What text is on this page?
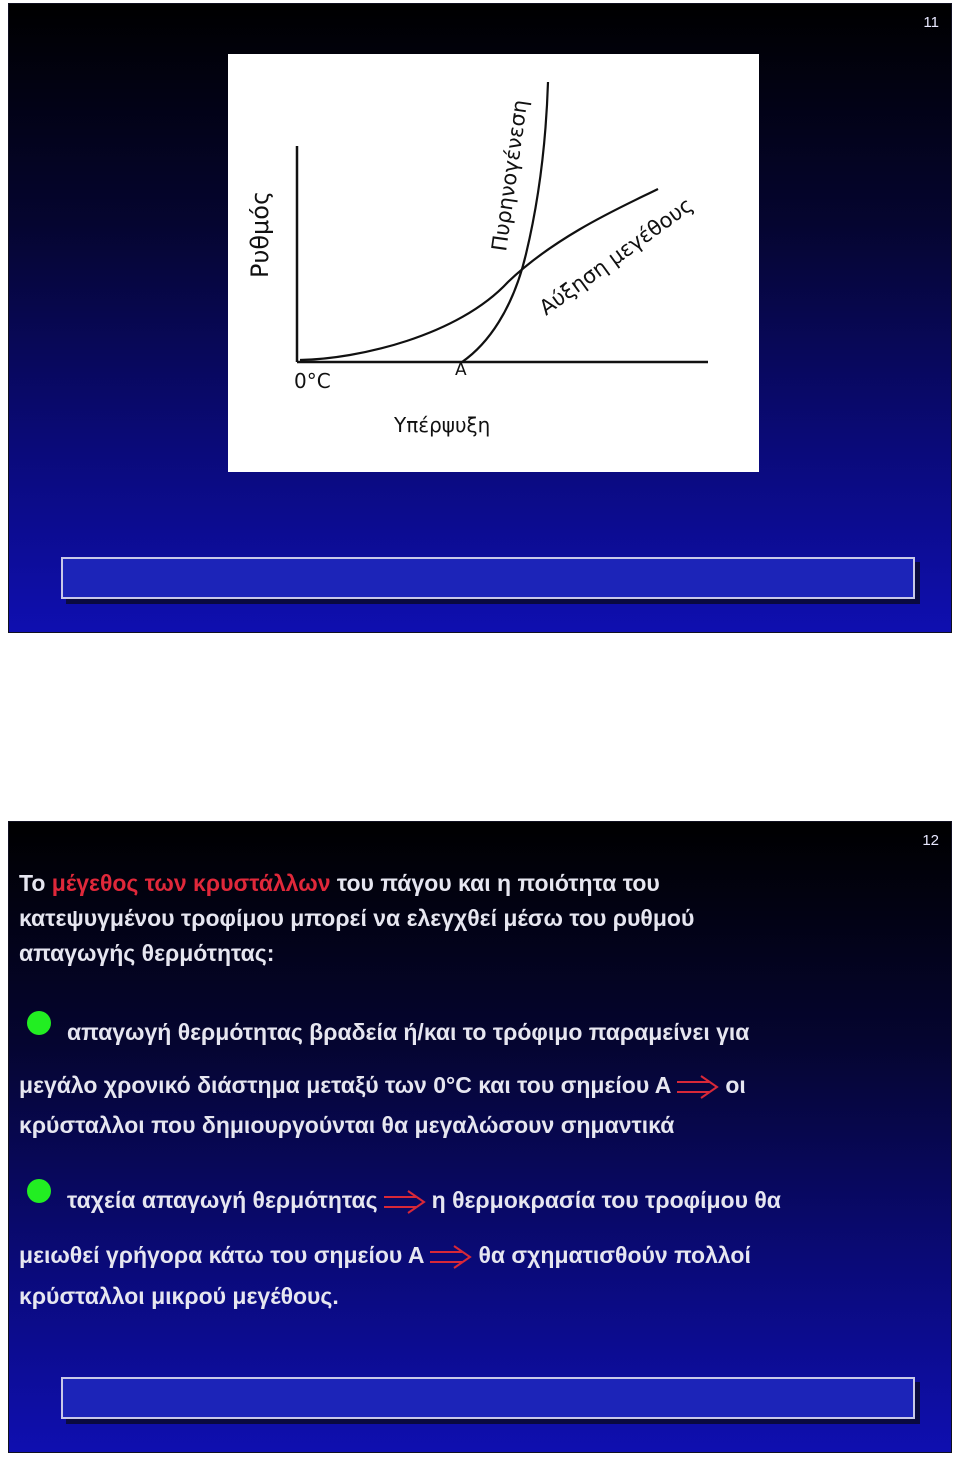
11
Ρυθμός
0°C	Α
Υπέρψυξη
Πυρηνογένεση
Αύξηση μεγέθους
12
Το μέγεθος των κρυστάλλων του πάγου και η ποιότητα του
κατεψυγμένου τροφίμου μπορεί να ελεγχθεί μέσω του ρυθμού
απαγωγής θερμότητας:
απαγωγή θερμότητας βραδεία ή/και το τρόφιμο παραμείνει για
μεγάλο χρονικό διάστημα μεταξύ των 0°C και του σημείου Α οι
κρύσταλλοι που δημιουργούνται θα μεγαλώσουν σημαντικά
ταχεία απαγωγή θερμότητας η θερμοκρασία του τροφίμου θα
μειωθεί γρήγορα κάτω του σημείου Α θα σχηματισθούν πολλοί
κρύσταλλοι μικρού μεγέθους.
